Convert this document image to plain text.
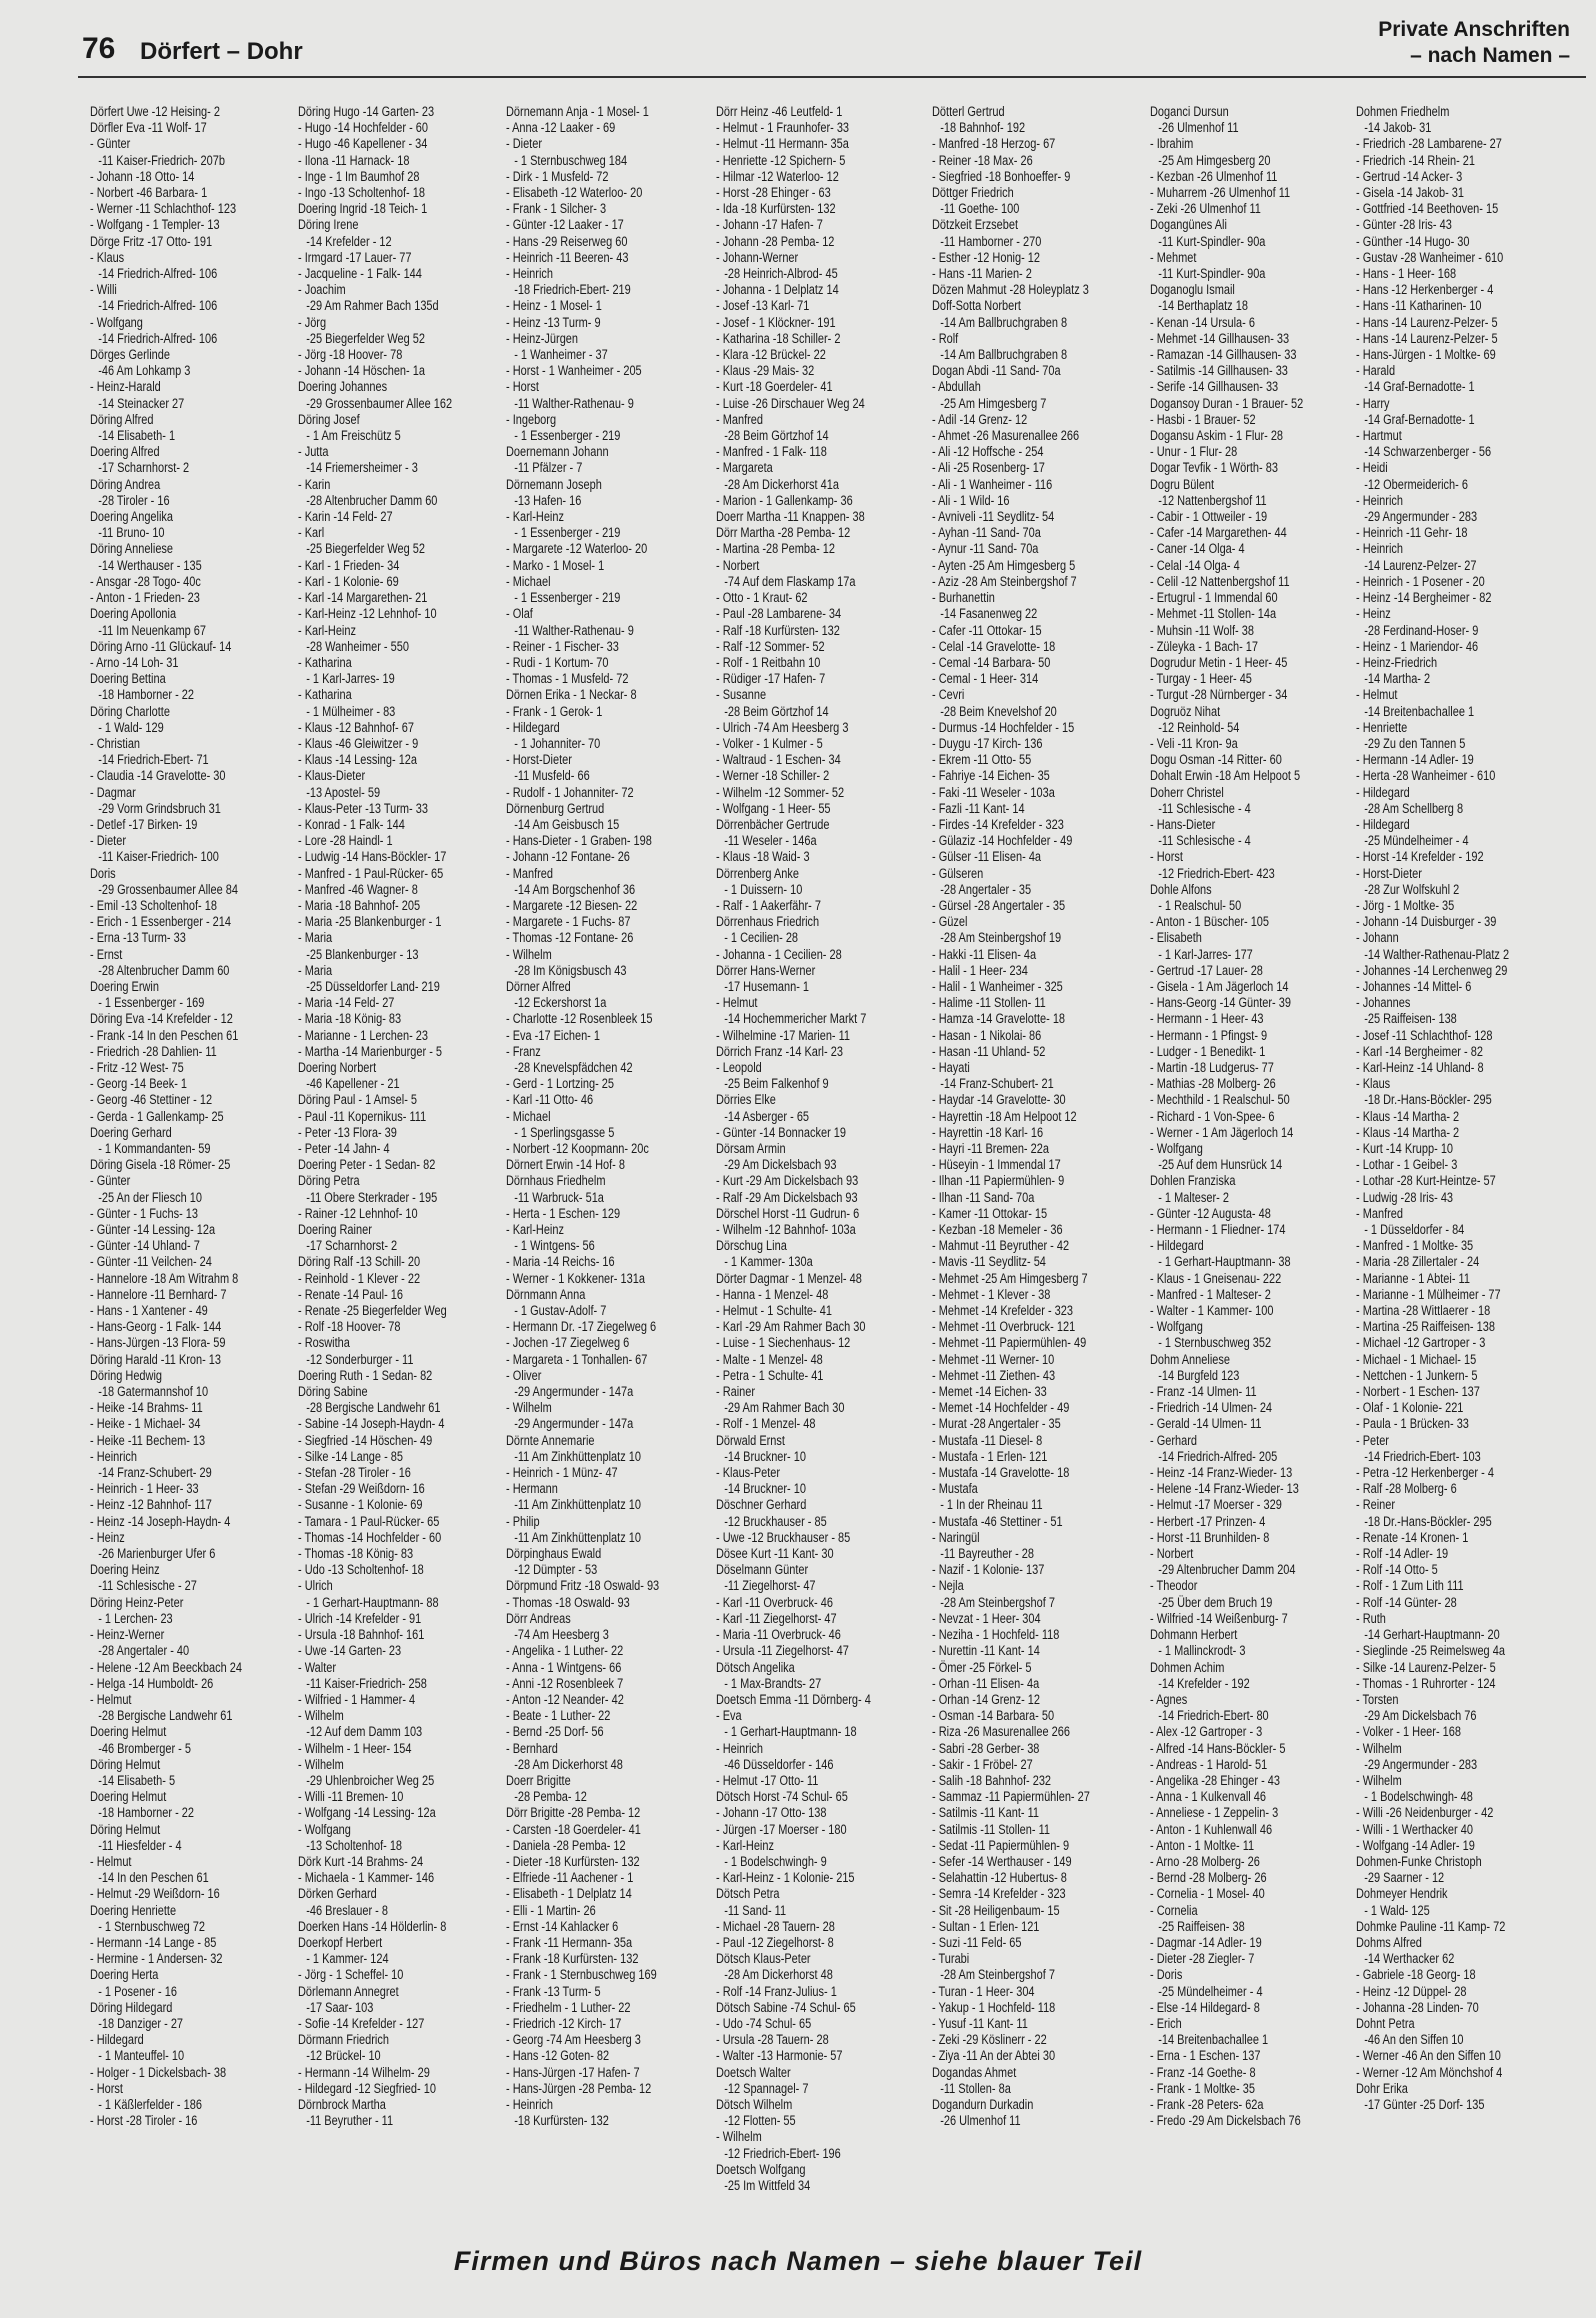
76 Dörfert – Dohr
Private Anschriften
– nach Namen –
Dörfert Uwe -12 Heising- 2
Dörfler Eva -11 Wolf- 17
- Günter
-11 Kaiser-Friedrich- 207b
- Johann -18 Otto- 14
- Norbert -46 Barbara- 1
- Werner -11 Schlachthof- 123
- Wolfgang - 1 Templer- 13
Dörge Fritz -17 Otto- 191
- Klaus
-14 Friedrich-Alfred- 106
- Willi
-14 Friedrich-Alfred- 106
- Wolfgang
-14 Friedrich-Alfred- 106
Dörges Gerlinde
-46 Am Lohkamp 3
- Heinz-Harald
-14 Steinacker 27
Döring Alfred
-14 Elisabeth- 1
Doering Alfred
-17 Scharnhorst- 2
Döring Andrea
-28 Tiroler - 16
Doering Angelika
-11 Bruno- 10
Döring Anneliese
-14 Werthauser - 135
- Ansgar -28 Togo- 40c
- Anton - 1 Frieden- 23
Doering Apollonia
-11 Im Neuenkamp 67
Döring Arno -11 Glückauf- 14
- Arno -14 Loh- 31
Doering Bettina
-18 Hamborner - 22
Döring Charlotte
- 1 Wald- 129
- Christian
-14 Friedrich-Ebert- 71
- Claudia -14 Gravelotte- 30
- Dagmar
-29 Vorm Grindsbruch 31
- Detlef -17 Birken- 19
- Dieter
-11 Kaiser-Friedrich- 100
Doris
-29 Grossenbaumer Allee 84
- Emil -13 Scholtenhof- 18
- Erich - 1 Essenberger - 214
- Erna -13 Turm- 33
- Ernst
-28 Altenbrucher Damm 60
Doering Erwin
- 1 Essenberger - 169
Döring Eva -14 Krefelder - 12
- Frank -14 In den Peschen 61
- Friedrich -28 Dahlien- 11
- Fritz -12 West- 75
- Georg -14 Beek- 1
- Georg -46 Stettiner - 12
- Gerda - 1 Gallenkamp- 25
Doering Gerhard
- 1 Kommandanten- 59
Döring Gisela -18 Römer- 25
- Günter
-25 An der Fliesch 10
- Günter - 1 Fuchs- 13
- Günter -14 Lessing- 12a
- Günter -14 Uhland- 7
- Günter -11 Veilchen- 24
- Hannelore -18 Am Witrahm 8
- Hannelore -11 Bernhard- 7
- Hans - 1 Xantener - 49
- Hans-Georg - 1 Falk- 144
- Hans-Jürgen -13 Flora- 59
Döring Harald -11 Kron- 13
Döring Hedwig
-18 Gatermannshof 10
- Heike -14 Brahms- 11
- Heike - 1 Michael- 34
- Heike -11 Bechem- 13
- Heinrich
-14 Franz-Schubert- 29
- Heinrich - 1 Heer- 33
- Heinz -12 Bahnhof- 117
- Heinz -14 Joseph-Haydn- 4
- Heinz
-26 Marienburger Ufer 6
Doering Heinz
-11 Schlesische - 27
Döring Heinz-Peter
- 1 Lerchen- 23
- Heinz-Werner
-28 Angertaler - 40
- Helene -12 Am Beeckbach 24
- Helga -14 Humboldt- 26
- Helmut
-28 Bergische Landwehr 61
Doering Helmut
-46 Bromberger - 5
Döring Helmut
-14 Elisabeth- 5
Doering Helmut
-18 Hamborner - 22
Döring Helmut
-11 Hiesfelder - 4
- Helmut
-14 In den Peschen 61
- Helmut -29 Weißdorn- 16
Doering Henriette
- 1 Sternbuschweg 72
- Hermann -14 Lange - 85
- Hermine - 1 Andersen- 32
Doering Herta
- 1 Posener - 16
Döring Hildegard
-18 Danziger - 27
- Hildegard
- 1 Manteuffel- 10
- Holger - 1 Dickelsbach- 38
- Horst
- 1 Käßlerfelder - 186
- Horst -28 Tiroler - 16
Döring Hugo -14 Garten- 23
- Hugo -14 Hochfelder - 60
- Hugo -46 Kapellener - 34
- Ilona -11 Harnack- 18
- Inge - 1 Im Baumhof 28
- Ingo -13 Scholtenhof- 18
Doering Ingrid -18 Teich- 1
Döring Irene
-14 Krefelder - 12
- Irmgard -17 Lauer- 77
- Jacqueline - 1 Falk- 144
- Joachim
-29 Am Rahmer Bach 135d
- Jörg
-25 Biegerfelder Weg 52
- Jörg -18 Hoover- 78
- Johann -14 Höschen- 1a
Doering Johannes
-29 Grossenbaumer Allee 162
Döring Josef
- 1 Am Freischütz 5
- Jutta
-14 Friemersheimer - 3
- Karin
-28 Altenbrucher Damm 60
- Karin -14 Feld- 27
- Karl
-25 Biegerfelder Weg 52
- Karl - 1 Frieden- 34
- Karl - 1 Kolonie- 69
- Karl -14 Margarethen- 21
- Karl-Heinz -12 Lehnhof- 10
- Karl-Heinz
-28 Wanheimer - 550
- Katharina
- 1 Karl-Jarres- 19
- Katharina
- 1 Mülheimer - 83
- Klaus -12 Bahnhof- 67
- Klaus -46 Gleiwitzer - 9
- Klaus -14 Lessing- 12a
- Klaus-Dieter
-13 Apostel- 59
- Klaus-Peter -13 Turm- 33
- Konrad - 1 Falk- 144
- Lore -28 Haindl- 1
- Ludwig -14 Hans-Böckler- 17
- Manfred - 1 Paul-Rücker- 65
- Manfred -46 Wagner- 8
- Maria -18 Bahnhof- 205
- Maria -25 Blankenburger - 1
- Maria
-25 Blankenburger - 13
- Maria
-25 Düsseldorfer Land- 219
- Maria -14 Feld- 27
- Maria -18 König- 83
- Marianne - 1 Lerchen- 23
- Martha -14 Marienburger - 5
Doering Norbert
-46 Kapellener - 21
Döring Paul - 1 Amsel- 5
- Paul -11 Kopernikus- 111
- Peter -13 Flora- 39
- Peter -14 Jahn- 4
Doering Peter - 1 Sedan- 82
Döring Petra
-11 Obere Sterkrader - 195
- Rainer -12 Lehnhof- 10
Doering Rainer
-17 Scharnhorst- 2
Döring Ralf -13 Schill- 20
- Reinhold - 1 Klever - 22
- Renate -14 Paul- 16
- Renate -25 Biegerfelder Weg
- Rolf -18 Hoover- 78
- Roswitha
-12 Sonderburger - 11
Doering Ruth - 1 Sedan- 82
Döring Sabine
-28 Bergische Landwehr 61
- Sabine -14 Joseph-Haydn- 4
- Siegfried -14 Höschen- 49
- Silke -14 Lange - 85
- Stefan -28 Tiroler - 16
- Stefan -29 Weißdorn- 16
- Susanne - 1 Kolonie- 69
- Tamara - 1 Paul-Rücker- 65
- Thomas -14 Hochfelder - 60
- Thomas -18 König- 83
- Udo -13 Scholtenhof- 18
- Ulrich
- 1 Gerhart-Hauptmann- 88
- Ulrich -14 Krefelder - 91
- Ursula -18 Bahnhof- 161
- Uwe -14 Garten- 23
- Walter
-11 Kaiser-Friedrich- 258
- Wilfried - 1 Hammer- 4
- Wilhelm
-12 Auf dem Damm 103
- Wilhelm - 1 Heer- 154
- Wilhelm
-29 Uhlenbroicher Weg 25
- Willi -11 Bremen- 10
- Wolfgang -14 Lessing- 12a
- Wolfgang
-13 Scholtenhof- 18
Dörk Kurt -14 Brahms- 24
- Michaela - 1 Kammer- 146
Dörken Gerhard
-46 Breslauer - 8
Doerken Hans -14 Hölderlin- 8
Doerkopf Herbert
- 1 Kammer- 124
- Jörg - 1 Scheffel- 10
Dörlemann Annegret
-17 Saar- 103
- Sofie -14 Krefelder - 127
Dörmann Friedrich
-12 Brückel- 10
- Hermann -14 Wilhelm- 29
- Hildegard -12 Siegfried- 10
Dörnbrock Martha
-11 Beyruther - 11
Dörnemann Anja - 1 Mosel- 1
- Anna -12 Laaker - 69
- Dieter
- 1 Sternbuschweg 184
- Dirk - 1 Musfeld- 72
- Elisabeth -12 Waterloo- 20
- Frank - 1 Silcher- 3
- Günter -12 Laaker - 17
- Hans -29 Reiserweg 60
- Heinrich -11 Beeren- 43
- Heinrich
-18 Friedrich-Ebert- 219
- Heinz - 1 Mosel- 1
- Heinz -13 Turm- 9
- Heinz-Jürgen
- 1 Wanheimer - 37
- Horst - 1 Wanheimer - 205
- Horst
-11 Walther-Rathenau- 9
- Ingeborg
- 1 Essenberger - 219
Doernemann Johann
-11 Pfälzer - 7
Dörnemann Joseph
-13 Hafen- 16
- Karl-Heinz
- 1 Essenberger - 219
- Margarete -12 Waterloo- 20
- Marko - 1 Mosel- 1
- Michael
- 1 Essenberger - 219
- Olaf
-11 Walther-Rathenau- 9
- Reiner - 1 Fischer- 33
- Rudi - 1 Kortum- 70
- Thomas - 1 Musfeld- 72
Dörnen Erika - 1 Neckar- 8
- Frank - 1 Gerok- 1
- Hildegard
- 1 Johanniter- 70
- Horst-Dieter
-11 Musfeld- 66
- Rudolf - 1 Johanniter- 72
Dörnenburg Gertrud
-14 Am Geisbusch 15
- Hans-Dieter - 1 Graben- 198
- Johann -12 Fontane- 26
- Manfred
-14 Am Borgschenhof 36
- Margarete -12 Biesen- 22
- Margarete - 1 Fuchs- 87
- Thomas -12 Fontane- 26
- Wilhelm
-28 Im Königsbusch 43
Dörner Alfred
-12 Eckershorst 1a
- Charlotte -12 Rosenbleek 15
- Eva -17 Eichen- 1
- Franz
-28 Knevelspfädchen 42
- Gerd - 1 Lortzing- 25
- Karl -11 Otto- 46
- Michael
- 1 Sperlingsgasse 5
- Norbert -12 Koopmann- 20c
Dörnert Erwin -14 Hof- 8
Dörnhaus Friedhelm
-11 Warbruck- 51a
- Herta - 1 Eschen- 129
- Karl-Heinz
- 1 Wintgens- 56
- Maria -14 Reichs- 16
- Werner - 1 Kokkener- 131a
Dörnmann Anna
- 1 Gustav-Adolf- 7
- Hermann Dr. -17 Ziegelweg 6
- Jochen -17 Ziegelweg 6
- Margareta - 1 Tonhallen- 67
- Oliver
-29 Angermunder - 147a
- Wilhelm
-29 Angermunder - 147a
Dörnte Annemarie
-11 Am Zinkhüttenplatz 10
- Heinrich - 1 Münz- 47
- Hermann
-11 Am Zinkhüttenplatz 10
- Philip
-11 Am Zinkhüttenplatz 10
Dörpinghaus Ewald
-12 Dümpter - 53
Dörpmund Fritz -18 Oswald- 93
- Thomas -18 Oswald- 93
Dörr Andreas
-74 Am Heesberg 3
- Angelika - 1 Luther- 22
- Anna - 1 Wintgens- 66
- Anni -12 Rosenbleek 7
- Anton -12 Neander- 42
- Beate - 1 Luther- 22
- Bernd -25 Dorf- 56
- Bernhard
-28 Am Dickerhorst 48
Doerr Brigitte
-28 Pemba- 12
Dörr Brigitte -28 Pemba- 12
- Carsten -18 Goerdeler- 41
- Daniela -28 Pemba- 12
- Dieter -18 Kurfürsten- 132
- Elfriede -11 Aachener - 1
- Elisabeth - 1 Delplatz 14
- Elli - 1 Martin- 26
- Ernst -14 Kahlacker 6
- Frank -11 Hermann- 35a
- Frank -18 Kurfürsten- 132
- Frank - 1 Sternbuschweg 169
- Frank -13 Turm- 5
- Friedhelm - 1 Luther- 22
- Friedrich -12 Kirch- 17
- Georg -74 Am Heesberg 3
- Hans -12 Goten- 82
- Hans-Jürgen -17 Hafen- 7
- Hans-Jürgen -28 Pemba- 12
- Heinrich
-18 Kurfürsten- 132
Dörr Heinz -46 Leutfeld- 1
- Helmut - 1 Fraunhofer- 33
- Helmut -11 Hermann- 35a
- Henriette -12 Spichern- 5
- Hilmar -12 Waterloo- 12
- Horst -28 Ehinger - 63
- Ida -18 Kurfürsten- 132
- Johann -17 Hafen- 7
- Johann -28 Pemba- 12
- Johann-Werner
-28 Heinrich-Albrod- 45
- Johanna - 1 Delplatz 14
- Josef -13 Karl- 71
- Josef - 1 Klöckner- 191
- Katharina -18 Schiller- 2
- Klara -12 Brückel- 22
- Klaus -29 Mais- 32
- Kurt -18 Goerdeler- 41
- Luise -26 Dirschauer Weg 24
- Manfred
-28 Beim Görtzhof 14
- Manfred - 1 Falk- 118
- Margareta
-28 Am Dickerhorst 41a
- Marion - 1 Gallenkamp- 36
Doerr Martha -11 Knappen- 38
Dörr Martha -28 Pemba- 12
- Martina -28 Pemba- 12
- Norbert
-74 Auf dem Flaskamp 17a
- Otto - 1 Kraut- 62
- Paul -28 Lambarene- 34
- Ralf -18 Kurfürsten- 132
- Ralf -12 Sommer- 52
- Rolf - 1 Reitbahn 10
- Rüdiger -17 Hafen- 7
- Susanne
-28 Beim Görtzhof 14
- Ulrich -74 Am Heesberg 3
- Volker - 1 Kulmer - 5
- Waltraud - 1 Eschen- 34
- Werner -18 Schiller- 2
- Wilhelm -12 Sommer- 52
- Wolfgang - 1 Heer- 55
Dörrenbächer Gertrude
-11 Weseler - 146a
- Klaus -18 Waid- 3
Dörrenberg Anke
- 1 Duissern- 10
- Ralf - 1 Aakerfähr- 7
Dörrenhaus Friedrich
- 1 Cecilien- 28
- Johanna - 1 Cecilien- 28
Dörrer Hans-Werner
-17 Husemann- 1
- Helmut
-14 Hochemmericher Markt 7
- Wilhelmine -17 Marien- 11
Dörrich Franz -14 Karl- 23
- Leopold
-25 Beim Falkenhof 9
Dörries Elke
-14 Asberger - 65
- Günter -14 Bonnacker 19
Dörsam Armin
-29 Am Dickelsbach 93
- Kurt -29 Am Dickelsbach 93
- Ralf -29 Am Dickelsbach 93
Dörschel Horst -11 Gudrun- 6
- Wilhelm -12 Bahnhof- 103a
Dörschug Lina
- 1 Kammer- 130a
Dörter Dagmar - 1 Menzel- 48
- Hanna - 1 Menzel- 48
- Helmut - 1 Schulte- 41
- Karl -29 Am Rahmer Bach 30
- Luise - 1 Siechenhaus- 12
- Malte - 1 Menzel- 48
- Petra - 1 Schulte- 41
- Rainer
-29 Am Rahmer Bach 30
- Rolf - 1 Menzel- 48
Dörwald Ernst
-14 Bruckner- 10
- Klaus-Peter
-14 Bruckner- 10
Döschner Gerhard
-12 Bruckhauser - 85
- Uwe -12 Bruckhauser - 85
Dösee Kurt -11 Kant- 30
Döselmann Günter
-11 Ziegelhorst- 47
- Karl -11 Overbruck- 46
- Karl -11 Ziegelhorst- 47
- Maria -11 Overbruck- 46
- Ursula -11 Ziegelhorst- 47
Dötsch Angelika
- 1 Max-Brandts- 27
Doetsch Emma -11 Dörnberg- 4
- Eva
- 1 Gerhart-Hauptmann- 18
- Heinrich
-46 Düsseldorfer - 146
- Helmut -17 Otto- 11
Dötsch Horst -74 Schul- 65
- Johann -17 Otto- 138
- Jürgen -17 Moerser - 180
- Karl-Heinz
- 1 Bodelschwingh- 9
- Karl-Heinz - 1 Kolonie- 215
Dötsch Petra
-11 Sand- 11
- Michael -28 Tauern- 28
- Paul -12 Ziegelhorst- 8
Dötsch Klaus-Peter
-28 Am Dickerhorst 48
- Rolf -14 Franz-Julius- 1
Dötsch Sabine -74 Schul- 65
- Udo -74 Schul- 65
- Ursula -28 Tauern- 28
- Walter -13 Harmonie- 57
Doetsch Walter
-12 Spannagel- 7
Dötsch Wilhelm
-12 Flotten- 55
- Wilhelm
-12 Friedrich-Ebert- 196
Doetsch Wolfgang
-25 Im Wittfeld 34
Dötterl Gertrud
-18 Bahnhof- 192
- Manfred -18 Herzog- 67
- Reiner -18 Max- 26
- Siegfried -18 Bonhoeffer- 9
Döttger Friedrich
-11 Goethe- 100
Dötzkeit Erzsebet
-11 Hamborner - 270
- Esther -12 Honig- 12
- Hans -11 Marien- 2
Dözen Mahmut -28 Holeyplatz 3
Doff-Sotta Norbert
-14 Am Ballbruchgraben 8
- Rolf
-14 Am Ballbruchgraben 8
Dogan Abdi -11 Sand- 70a
- Abdullah
-25 Am Himgesberg 7
- Adil -14 Grenz- 12
- Ahmet -26 Masurenallee 266
- Ali -12 Hoffsche - 254
- Ali -25 Rosenberg- 17
- Ali - 1 Wanheimer - 116
- Ali - 1 Wild- 16
- Avniveli -11 Seydlitz- 54
- Ayhan -11 Sand- 70a
- Aynur -11 Sand- 70a
- Ayten -25 Am Himgesberg 5
- Aziz -28 Am Steinbergshof 7
- Burhanettin
-14 Fasanenweg 22
- Cafer -11 Ottokar- 15
- Celal -14 Gravelotte- 18
- Cemal -14 Barbara- 50
- Cemal - 1 Heer- 314
- Cevri
-28 Beim Knevelshof 20
- Durmus -14 Hochfelder - 15
- Duygu -17 Kirch- 136
- Ekrem -11 Otto- 55
- Fahriye -14 Eichen- 35
- Faki -11 Weseler - 103a
- Fazli -11 Kant- 14
- Firdes -14 Krefelder - 323
- Gülaziz -14 Hochfelder - 49
- Gülser -11 Elisen- 4a
- Gülseren
-28 Angertaler - 35
- Gürsel -28 Angertaler - 35
- Güzel
-28 Am Steinbergshof 19
- Hakki -11 Elisen- 4a
- Halil - 1 Heer- 234
- Halil - 1 Wanheimer - 325
- Halime -11 Stollen- 11
- Hamza -14 Gravelotte- 18
- Hasan - 1 Nikolai- 86
- Hasan -11 Uhland- 52
- Hayati
-14 Franz-Schubert- 21
- Haydar -14 Gravelotte- 30
- Hayrettin -18 Am Helpoot 12
- Hayrettin -18 Karl- 16
- Hayri -11 Bremen- 22a
- Hüseyin - 1 Immendal 17
- Ilhan -11 Papiermühlen- 9
- Ilhan -11 Sand- 70a
- Kamer -11 Ottokar- 15
- Kezban -18 Memeler - 36
- Mahmut -11 Beyruther - 42
- Mavis -11 Seydlitz- 54
- Mehmet -25 Am Himgesberg 7
- Mehmet - 1 Klever - 38
- Mehmet -14 Krefelder - 323
- Mehmet -11 Overbruck- 121
- Mehmet -11 Papiermühlen- 49
- Mehmet -11 Werner- 10
- Mehmet -11 Ziethen- 43
- Memet -14 Eichen- 33
- Memet -14 Hochfelder - 49
- Murat -28 Angertaler - 35
- Mustafa -11 Diesel- 8
- Mustafa - 1 Erlen- 121
- Mustafa -14 Gravelotte- 18
- Mustafa
- 1 In der Rheinau 11
- Mustafa -46 Stettiner - 51
- Naringül
-11 Bayreuther - 28
- Nazif - 1 Kolonie- 137
- Nejla
-28 Am Steinbergshof 7
- Nevzat - 1 Heer- 304
- Neziha - 1 Hochfeld- 118
- Nurettin -11 Kant- 14
- Ömer -25 Förkel- 5
- Orhan -11 Elisen- 4a
- Orhan -14 Grenz- 12
- Osman -14 Barbara- 50
- Riza -26 Masurenallee 266
- Sabri -28 Gerber- 38
- Sakir - 1 Fröbel- 27
- Salih -18 Bahnhof- 232
- Sammaz -11 Papiermühlen- 27
- Satilmis -11 Kant- 11
- Satilmis -11 Stollen- 11
- Sedat -11 Papiermühlen- 9
- Sefer -14 Werthauser - 149
- Selahattin -12 Hubertus- 8
- Semra -14 Krefelder - 323
- Sit -28 Heiligenbaum- 15
- Sultan - 1 Erlen- 121
- Suzi -11 Feld- 65
- Turabi
-28 Am Steinbergshof 7
- Turan - 1 Heer- 304
- Yakup - 1 Hochfeld- 118
- Yusuf -11 Kant- 11
- Zeki -29 Köslinerr - 22
- Ziya -11 An der Abtei 30
Dogandas Ahmet
-11 Stollen- 8a
Dogandurn Durkadin
-26 Ulmenhof 11
Doganci Dursun
-26 Ulmenhof 11
- Ibrahim
-25 Am Himgesberg 20
- Kezban -26 Ulmenhof 11
- Muharrem -26 Ulmenhof 11
- Zeki -26 Ulmenhof 11
Dogangünes Ali
-11 Kurt-Spindler- 90a
- Mehmet
-11 Kurt-Spindler- 90a
Doganoglu Ismail
-14 Berthaplatz 18
- Kenan -14 Ursula- 6
- Mehmet -14 Gillhausen- 33
- Ramazan -14 Gillhausen- 33
- Satilmis -14 Gillhausen- 33
- Serife -14 Gillhausen- 33
Dogansoy Duran - 1 Brauer- 52
- Hasbi - 1 Brauer- 52
Dogansu Askim - 1 Flur- 28
- Unur - 1 Flur- 28
Dogar Tevfik - 1 Wörth- 83
Dogru Bülent
-12 Nattenbergshof 11
- Cabir - 1 Ottweiler - 19
- Cafer -14 Margarethen- 44
- Caner -14 Olga- 4
- Celal -14 Olga- 4
- Celil -12 Nattenbergshof 11
- Ertugrul - 1 Immendal 60
- Mehmet -11 Stollen- 14a
- Muhsin -11 Wolf- 38
- Züleyka - 1 Bach- 17
Dogrudur Metin - 1 Heer- 45
- Turgay - 1 Heer- 45
- Turgut -28 Nürnberger - 34
Dogruöz Nihat
-12 Reinhold- 54
- Veli -11 Kron- 9a
Dogu Osman -14 Ritter- 60
Dohalt Erwin -18 Am Helpoot 5
Doherr Christel
-11 Schlesische - 4
- Hans-Dieter
-11 Schlesische - 4
- Horst
-12 Friedrich-Ebert- 423
Dohle Alfons
- 1 Realschul- 50
- Anton - 1 Büscher- 105
- Elisabeth
- 1 Karl-Jarres- 177
- Gertrud -17 Lauer- 28
- Gisela - 1 Am Jägerloch 14
- Hans-Georg -14 Günter- 39
- Hermann - 1 Heer- 43
- Hermann - 1 Pfingst- 9
- Ludger - 1 Benedikt- 1
- Martin -18 Ludgerus- 77
- Mathias -28 Molberg- 26
- Mechthild - 1 Realschul- 50
- Richard - 1 Von-Spee- 6
- Werner - 1 Am Jägerloch 14
- Wolfgang
-25 Auf dem Hunsrück 14
Dohlen Franziska
- 1 Malteser- 2
- Günter -12 Augusta- 48
- Hermann - 1 Fliedner- 174
- Hildegard
- 1 Gerhart-Hauptmann- 38
- Klaus - 1 Gneisenau- 222
- Manfred - 1 Malteser- 2
- Walter - 1 Kammer- 100
- Wolfgang
- 1 Sternbuschweg 352
Dohm Anneliese
-14 Burgfeld 123
- Franz -14 Ulmen- 11
- Friedrich -14 Ulmen- 24
- Gerald -14 Ulmen- 11
- Gerhard
-14 Friedrich-Alfred- 205
- Heinz -14 Franz-Wieder- 13
- Helene -14 Franz-Wieder- 13
- Helmut -17 Moerser - 329
- Herbert -17 Prinzen- 4
- Horst -11 Brunhilden- 8
- Norbert
-29 Altenbrucher Damm 204
- Theodor
-25 Über dem Bruch 19
- Wilfried -14 Weißenburg- 7
Dohmann Herbert
- 1 Mallinckrodt- 3
Dohmen Achim
-14 Krefelder - 192
- Agnes
-14 Friedrich-Ebert- 80
- Alex -12 Gartroper - 3
- Alfred -14 Hans-Böckler- 5
- Andreas - 1 Harold- 51
- Angelika -28 Ehinger - 43
- Anna - 1 Kulkenvall 46
- Anneliese - 1 Zeppelin- 3
- Anton - 1 Kuhlenwall 46
- Anton - 1 Moltke- 11
- Arno -28 Molberg- 26
- Bernd -28 Molberg- 26
- Cornelia - 1 Mosel- 40
- Cornelia
-25 Raiffeisen- 38
- Dagmar -14 Adler- 19
- Dieter -28 Ziegler- 7
- Doris
-25 Mündelheimer - 4
- Else -14 Hildegard- 8
- Erich
-14 Breitenbachallee 1
- Erna - 1 Eschen- 137
- Franz -14 Goethe- 8
- Frank - 1 Moltke- 35
- Frank -28 Peters- 62a
- Fredo -29 Am Dickelsbach 76
Dohmen Friedhelm
-14 Jakob- 31
- Friedrich -28 Lambarene- 27
- Friedrich -14 Rhein- 21
- Gertrud -14 Acker- 3
- Gisela -14 Jakob- 31
- Gottfried -14 Beethoven- 15
- Günter -28 Iris- 43
- Günther -14 Hugo- 30
- Gustav -28 Wanheimer - 610
- Hans - 1 Heer- 168
- Hans -12 Herkenberger - 4
- Hans -11 Katharinen- 10
- Hans -14 Laurenz-Pelzer- 5
- Hans -14 Laurenz-Pelzer- 5
- Hans-Jürgen - 1 Moltke- 69
- Harald
-14 Graf-Bernadotte- 1
- Harry
-14 Graf-Bernadotte- 1
- Hartmut
-14 Schwarzenberger - 56
- Heidi
-12 Obermeiderich- 6
- Heinrich
-29 Angermunder - 283
- Heinrich -11 Gehr- 18
- Heinrich
-14 Laurenz-Pelzer- 27
- Heinrich - 1 Posener - 20
- Heinz -14 Bergheimer - 82
- Heinz
-28 Ferdinand-Hoser- 9
- Heinz - 1 Mariendor- 46
- Heinz-Friedrich
-14 Martha- 2
- Helmut
-14 Breitenbachallee 1
- Henriette
-29 Zu den Tannen 5
- Hermann -14 Adler- 19
- Herta -28 Wanheimer - 610
- Hildegard
-28 Am Schellberg 8
- Hildegard
-25 Mündelheimer - 4
- Horst -14 Krefelder - 192
- Horst-Dieter
-28 Zur Wolfskuhl 2
- Jörg - 1 Moltke- 35
- Johann -14 Duisburger - 39
- Johann
-14 Walther-Rathenau-Platz 2
- Johannes -14 Lerchenweg 29
- Johannes -14 Mittel- 6
- Johannes
-25 Raiffeisen- 138
- Josef -11 Schlachthof- 128
- Karl -14 Bergheimer - 82
- Karl-Heinz -14 Uhland- 8
- Klaus
-18 Dr.-Hans-Böckler- 295
- Klaus -14 Martha- 2
- Klaus -14 Martha- 2
- Kurt -14 Krupp- 10
- Lothar - 1 Geibel- 3
- Lothar -28 Kurt-Heintze- 57
- Ludwig -28 Iris- 43
- Manfred
- 1 Düsseldorfer - 84
- Manfred - 1 Moltke- 35
- Maria -28 Zillertaler - 24
- Marianne - 1 Abtei- 11
- Marianne - 1 Mülheimer - 77
- Martina -28 Wittlaerer - 18
- Martina -25 Raiffeisen- 138
- Michael -12 Gartroper - 3
- Michael - 1 Michael- 15
- Nettchen - 1 Junkern- 5
- Norbert - 1 Eschen- 137
- Olaf - 1 Kolonie- 221
- Paula - 1 Brücken- 33
- Peter
-14 Friedrich-Ebert- 103
- Petra -12 Herkenberger - 4
- Ralf -28 Molberg- 6
- Reiner
-18 Dr.-Hans-Böckler- 295
- Renate -14 Kronen- 1
- Rolf -14 Adler- 19
- Rolf -14 Otto- 5
- Rolf - 1 Zum Lith 111
- Rolf -14 Günter- 28
- Ruth
-14 Gerhart-Hauptmann- 20
- Sieglinde -25 Reimelsweg 4a
- Silke -14 Laurenz-Pelzer- 5
- Thomas - 1 Ruhrorter - 124
- Torsten
-29 Am Dickelsbach 76
- Volker - 1 Heer- 168
- Wilhelm
-29 Angermunder - 283
- Wilhelm
- 1 Bodelschwingh- 48
- Willi -26 Neidenburger - 42
- Willi - 1 Werthacker 40
- Wolfgang -14 Adler- 19
Dohmen-Funke Christoph
-29 Saarner - 12
Dohmeyer Hendrik
- 1 Wald- 125
Dohmke Pauline -11 Kamp- 72
Dohms Alfred
-14 Werthacker 62
- Gabriele -18 Georg- 18
- Heinz -12 Düppel- 28
- Johanna -28 Linden- 70
Dohnt Petra
-46 An den Siffen 10
- Werner -46 An den Siffen 10
- Werner -12 Am Mönchshof 4
Dohr Erika
-17 Günter -25 Dorf- 135
Firmen und Büros nach Namen – siehe blauer Teil
